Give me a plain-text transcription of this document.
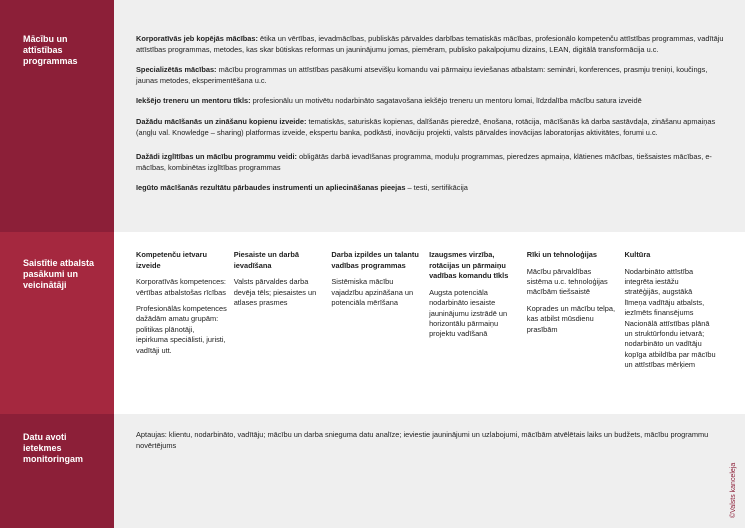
Mācību un attīstības programmas
Korporatīvās jeb kopējās mācības: ētika un vērtības, ievadmācības, publiskās pārvaldes darbības tematiskās mācības, profesionālo kompetenču attīstības programmas, vadītāju attīstības programmas, metodes, kas skar būtiskas reformas un jauninājumu jomas, piemēram, publisko pakalpojumu dizains, LEAN, digitālā transformācija u.c.
Specializētās mācības: mācību programmas un attīstības pasākumi atsevišķu komandu vai pārmaiņu ieviešanas atbalstam: semināri, konferences, prasmju treniņi, koučings, jaunas metodes, eksperimentēšana u.c.
Iekšējo treneru un mentoru tīkls: profesionālu un motivētu nodarbināto sagatavošana iekšējo treneru un mentoru lomai, līdzdalība mācību satura izveidē
Dažādu mācīšanās un zināšanu kopienu izveide: tematiskās, saturiskās kopienas, dalīšanās pieredzē, ēnošana, rotācija, mācīšanās kā darba sastāvdaļa, zināšanu apmaiņas (angļu val. Knowledge – sharing) platformas izveide, ekspertu banka, podkāsti, inovāciju projekti, valsts pārvaldes inovācijas laboratorijas aktivitātes, forumi u.c.
Dažādi izglītības un mācību programmu veidi: obligātās darbā ievadīšanas programma, moduļu programmas, pieredzes apmaiņa, klātienes mācības, tiešsaistes mācības, e-mācības, kombinētas izglītības programmas
Iegūto mācīšanās rezultātu pārbaudes instrumenti un apliecināšanas pieejas – testi, sertifikācija
Saistītie atbalsta pasākumi un veicinātāji
Kompetenču ietvaru izveide
Korporatīvās kompetences: vērtības atbalstošas rīcības
Profesionālās kompetences dažādām amatu grupām: politikas plānotāji, iepirkuma speciālisti, juristi, vadītāji utt.
Piesaiste un darbā ievadīšana
Valsts pārvaldes darba devēja tēls; piesaistes un atlases prasmes
Darba izpildes un talantu vadības programmas
Sistēmiska mācību vajadzību apzināšana un potenciāla mērīšana
Izaugsmes virzība, rotācijas un pārmaiņu vadības komandu tīkls
Augsta potenciāla nodarbināto iesaiste jauninājumu izstrādē un horizontālu pārmaiņu projektu vadīšanā
Rīki un tehnoloģijas
Mācību pārvaldības sistēma u.c. tehnoloģijas mācībām tiešsaistē
Koprades un mācību telpa, kas atbilst mūsdienu prasībām
Kultūra
Nodarbināto attīstība integrēta iestāžu stratēģijās, augstākā līmeņa vadītāju atbalsts, iezīmēts finansējums Nacionālā attīstības plānā un struktūrfondu ietvarā; nodarbināto un vadītāju kopīga atbildība par mācību un attīstības mērķiem
Datu avoti ietekmes monitoringam
Aptaujas: klientu, nodarbināto, vadītāju; mācību un darba snieguma datu analīze; ieviestie jauninājumi un uzlabojumi, mācībām atvēlētais laiks un budžets, mācību programmu novērtējums
©Valsts kanceleja
